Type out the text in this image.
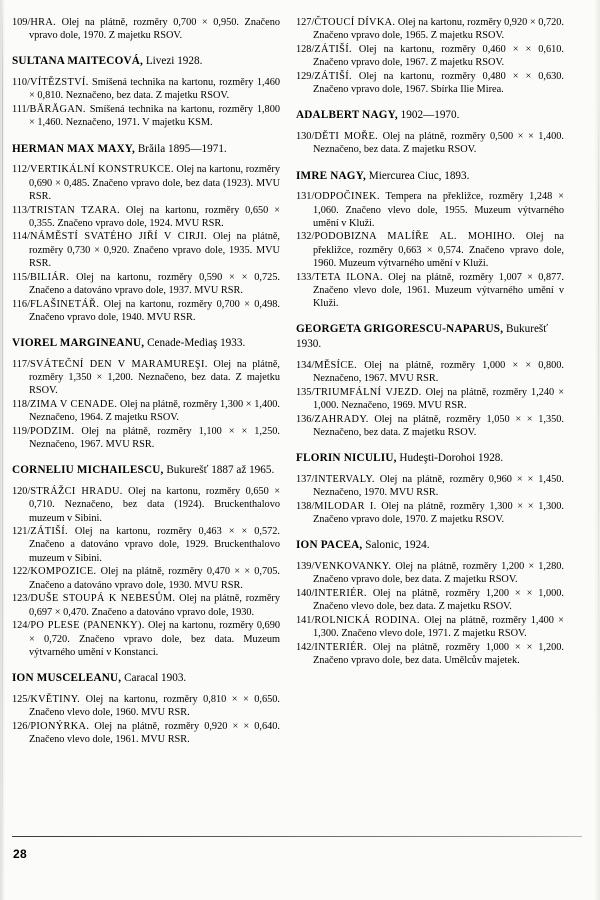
109/HRA. Olej na plátně, rozměry 0,700 × 0,950. Značeno vpravo dole, 1970. Z majetku RSOV.

SULTANA MAITECOVÁ, Livezi 1928.

110/VÍTĚZSTVÍ. Smíšená technika na kartonu, rozměry 1,460 × 0,810. Neznačeno, bez data. Z majetku RSOV.

111/BĂRĂGAN. Smíšená technika na kartonu, rozměry 1,800 × 1,460. Neznačeno, 1971. V majetku KSM.

HERMAN MAX MAXY, Brăila 1895—1971.

112/VERTIKÁLNÍ KONSTRUKCE. Olej na kartonu, rozměry 0,690 × 0,485. Značeno vpravo dole, bez data (1923). MVU RSR.

113/TRISTAN TZARA. Olej na kartonu, rozměry 0,650 × 0,355. Značeno vpravo dole, 1924. MVU RSR.

114/NÁMĚSTÍ SVATÉHO JIŘÍ V CIRJI. Olej na plátně, rozměry 0,730 × 0,920. Značeno vpravo dole, 1935. MVU RSR.

115/BILIÁR. Olej na kartonu, rozměry 0,590 × × 0,725. Značeno a datováno vpravo dole, 1937. MVU RSR.

116/FLAŠINETÁŘ. Olej na kartonu, rozměry 0,700 × 0,498. Značeno vpravo dole, 1940. MVU RSR.

VIOREL MARGINEANU, Cenade-Mediaş 1933.

117/SVÁTEČNÍ DEN V MARAMUREŞI. Olej na plátně, rozměry 1,350 × 1,200. Neznačeno, bez data. Z majetku RSOV.

118/ZIMA V CENADE. Olej na plátně, rozměry 1,300 × 1,400. Neznačeno, 1964. Z majetku RSOV.

119/PODZIM. Olej na plátně, rozměry 1,100 × × 1,250. Neznačeno, 1967. MVU RSR.

CORNELIU MICHAILESCU, Bukurešť 1887 až 1965.

120/STRÁŽCI HRADU. Olej na kartonu, rozměry 0,650 × 0,710. Neznačeno, bez data (1924). Bruckenthalovo muzeum v Sibini.

121/ZÁTIŠÍ. Olej na kartonu, rozměry 0,463 × × 0,572. Značeno a datováno vpravo dole, 1929. Bruckenthalovo muzeum v Sibini.

122/KOMPOZICE. Olej na plátně, rozměry 0,470 × × 0,705. Značeno a datováno vpravo dole, 1930. MVU RSR.

123/DUŠE STOUPÁ K NEBESŮM. Olej na plátně, rozměry 0,697 × 0,470. Značeno a datováno vpravo dole, 1930.

124/PO PLESE (PANENKY). Olej na kartonu, rozměry 0,690 × 0,720. Značeno vpravo dole, bez data. Muzeum výtvarného umění v Konstanci.

ION MUSCELEANU, Caracal 1903.

125/KVĚTINY. Olej na kartonu, rozměry 0,810 × × 0,650. Značeno vlevo dole, 1960. MVU RSR.

126/PIONÝRKA. Olej na plátně, rozměry 0,920 × × 0,640. Značeno vlevo dole, 1961. MVU RSR.

127/ČTOUCÍ DÍVKA. Olej na kartonu, rozměry 0,920 × 0,720. Značeno vpravo dole, 1965. Z majetku RSOV.

128/ZÁTIŠÍ. Olej na kartonu, rozměry 0,460 × × 0,610. Značeno vpravo dole, 1967. Z majetku RSOV.

129/ZÁTIŠÍ. Olej na kartonu, rozměry 0,480 × × 0,630. Značeno vpravo dole, 1967. Sbírka Ilie Mirea.

ADALBERT NAGY, 1902—1970.

130/DĚTI MOŘE. Olej na plátně, rozměry 0,500 × × 1,400. Neznačeno, bez data. Z majetku RSOV.

IMRE NAGY, Miercurea Ciuc, 1893.

131/ODPOČINEK. Tempera na překližce, rozměry 1,248 × 1,060. Značeno vlevo dole, 1955. Muzeum výtvarného umění v Kluži.

132/PODOBIZNA MALÍŘE AL. MOHIHO. Olej na překližce, rozměry 0,663 × 0,574. Značeno vpravo dole, 1960. Muzeum výtvarného umění v Kluži.

133/TETA ILONA. Olej na plátně, rozměry 1,007 × 0,877. Značeno vlevo dole, 1961. Muzeum výtvarného umění v Kluži.

GEORGETA GRIGORESCU-NAPARUS, Bukurešť 1930.

134/MĚSÍCE. Olej na plátně, rozměry 1,000 × × 0,800. Neznačeno, 1967. MVU RSR.

135/TRIUMFÁLNÍ VJEZD. Olej na plátně, rozměry 1,240 × 1,000. Neznačeno, 1969. MVU RSR.

136/ZAHRADY. Olej na plátně, rozměry 1,050 × × 1,350. Neznačeno, bez data. Z majetku RSOV.

FLORIN NICULIU, Hudeşti-Dorohoi 1928.

137/INTERVALY. Olej na plátně, rozměry 0,960 × × 1,450. Neznačeno, 1970. MVU RSR.

138/MILODAR I. Olej na plátně, rozměry 1,300 × × 1,300. Značeno vpravo dole, 1970. Z majetku RSOV.

ION PACEA, Salonic, 1924.

139/VENKOVANKY. Olej na plátně, rozměry 1,200 × 1,280. Značeno vpravo dole, bez data. Z majetku RSOV.

140/INTERIÉR. Olej na plátně, rozměry 1,200 × × 1,000. Značeno vlevo dole, bez data. Z majetku RSOV.

141/ROLNICKÁ RODINA. Olej na plátně, rozměry 1,400 × 1,300. Značeno vlevo dole, 1971. Z majetku RSOV.

142/INTERIÉR. Olej na plátně, rozměry 1,000 × × 1,200. Značeno vpravo dole, bez data. Umělcův majetek.

28
